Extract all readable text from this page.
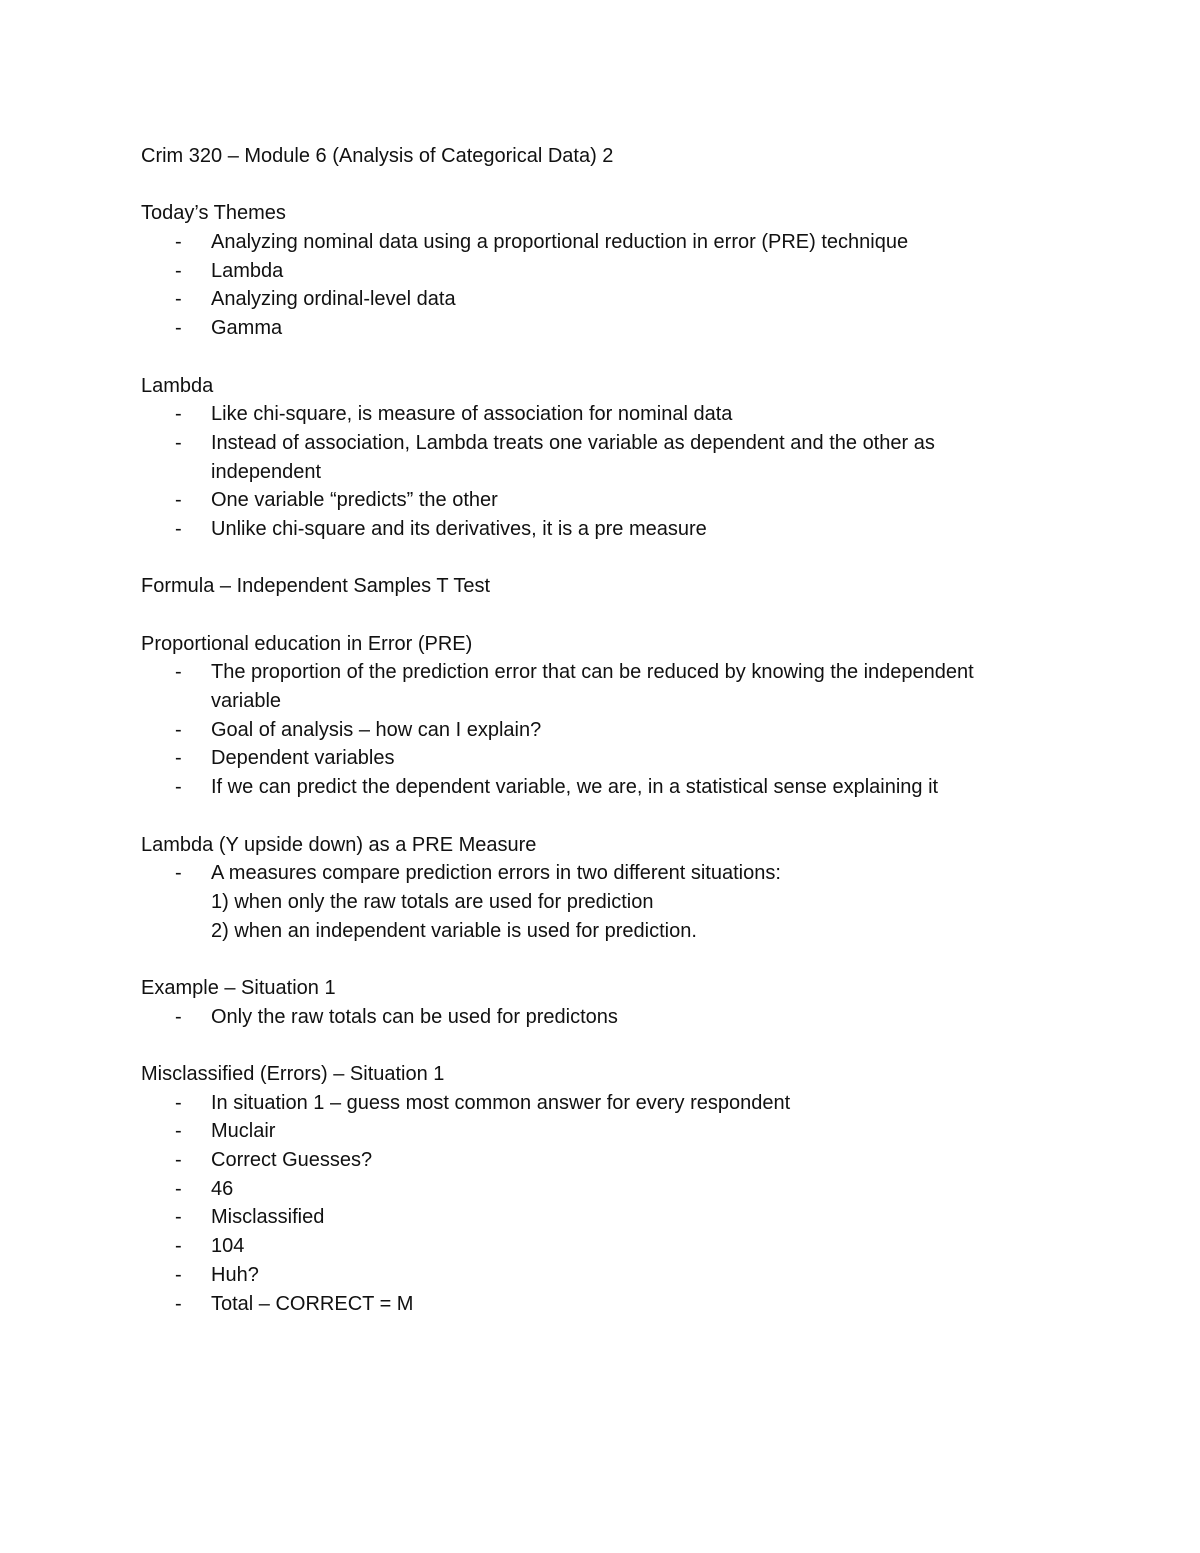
Crim 320 – Module 6 (Analysis of Categorical Data) 2

Today’s Themes

- Analyzing nominal data using a proportional reduction in error (PRE) technique
- Lambda
- Analyzing ordinal-level data
- Gamma

Lambda

- Like chi-square, is measure of association for nominal data
- Instead of association, Lambda treats one variable as dependent and the other as
independent
- One variable “predicts” the other
- Unlike chi-square and its derivatives, it is a pre measure

Formula – Independent Samples T Test

Proportional education in Error (PRE)

- The proportion of the prediction error that can be reduced by knowing the independent
variable
- Goal of analysis – how can I explain?
- Dependent variables
- If we can predict the dependent variable, we are, in a statistical sense explaining it

Lambda (Y upside down) as a PRE Measure

- A measures compare prediction errors in two different situations:
1) when only the raw totals are used for prediction
2) when an independent variable is used for prediction.

Example – Situation 1

- Only the raw totals can be used for predictons

Misclassified (Errors) – Situation 1

- In situation 1 – guess most common answer for every respondent
- Muclair
- Correct Guesses?
- 46
- Misclassified
- 104
- Huh?
- Total – CORRECT = M
